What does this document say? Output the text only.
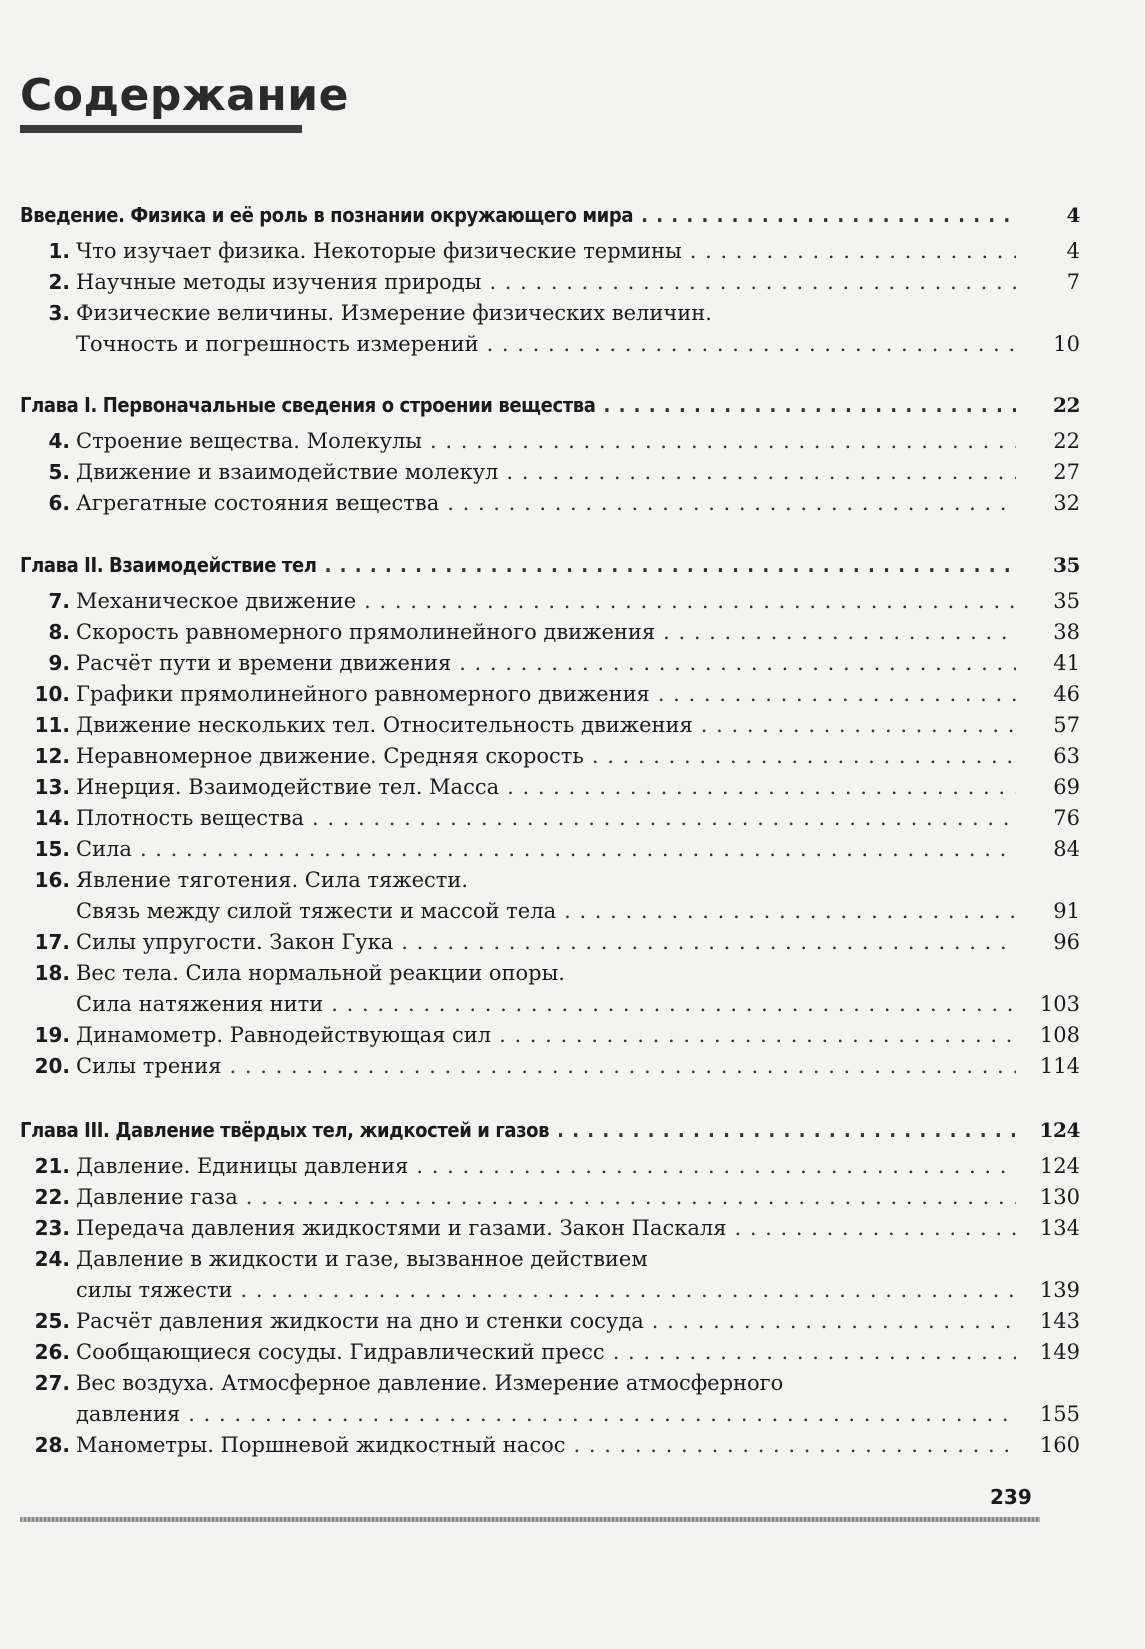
Содержание
Введение. Физика и её роль в познании окружающего мира . . .	4
1. Что изучает физика. Некоторые физические термины . . .	4
2. Научные методы изучения природы . . .	7
3. Физические величины. Измерение физических величин.
Точность и погрешность измерений . . .	10
Глава I. Первоначальные сведения о строении вещества . . .	22
4. Строение вещества. Молекулы . . .	22
5. Движение и взаимодействие молекул . . .	27
6. Агрегатные состояния вещества . . .	32
Глава II. Взаимодействие тел . . .	35
7. Механическое движение . . .	35
8. Скорость равномерного прямолинейного движения . . .	38
9. Расчёт пути и времени движения . . .	41
10. Графики прямолинейного равномерного движения . . .	46
11. Движение нескольких тел. Относительность движения . . .	57
12. Неравномерное движение. Средняя скорость . . .	63
13. Инерция. Взаимодействие тел. Масса . . .	69
14. Плотность вещества . . .	76
15. Сила . . .	84
16. Явление тяготения. Сила тяжести.
Связь между силой тяжести и массой тела . . .	91
17. Силы упругости. Закон Гука . . .	96
18. Вес тела. Сила нормальной реакции опоры.
Сила натяжения нити . . .	103
19. Динамометр. Равнодействующая сил . . .	108
20. Силы трения . . .	114
Глава III. Давление твёрдых тел, жидкостей и газов . . .	124
21. Давление. Единицы давления . . .	124
22. Давление газа . . .	130
23. Передача давления жидкостями и газами. Закон Паскаля . . .	134
24. Давление в жидкости и газе, вызванное действием
силы тяжести . . .	139
25. Расчёт давления жидкости на дно и стенки сосуда . . .	143
26. Сообщающиеся сосуды. Гидравлический пресс . . .	149
27. Вес воздуха. Атмосферное давление. Измерение атмосферного
давления . . .	155
28. Манометры. Поршневой жидкостный насос . . .	160
239
